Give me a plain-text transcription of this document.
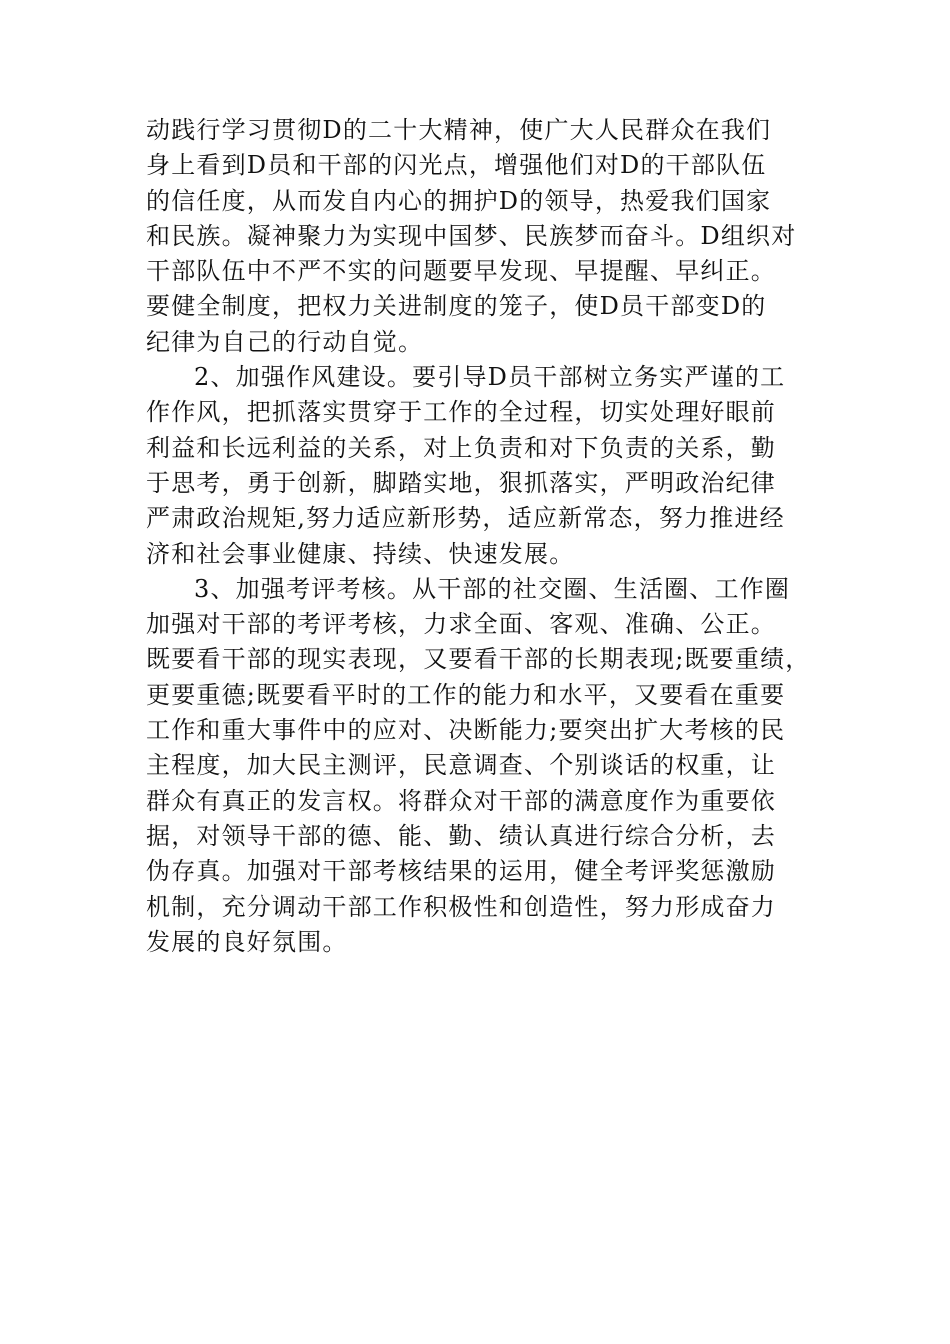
动践行学习贯彻D的二十大精神，使广大人民群众在我们
身上看到D员和干部的闪光点，增强他们对D的干部队伍
的信任度，从而发自内心的拥护D的领导，热爱我们国家
和民族。凝神聚力为实现中国梦、民族梦而奋斗。D组织对
干部队伍中不严不实的问题要早发现、早提醒、早纠正。
要健全制度，把权力关进制度的笼子，使D员干部变D的
纪律为自己的行动自觉。
2、加强作风建设。要引导D员干部树立务实严谨的工
作作风，把抓落实贯穿于工作的全过程，切实处理好眼前
利益和长远利益的关系，对上负责和对下负责的关系，勤
于思考，勇于创新，脚踏实地，狠抓落实，严明政治纪律
严肃政治规矩,努力适应新形势，适应新常态，努力推进经
济和社会事业健康、持续、快速发展。
3、加强考评考核。从干部的社交圈、生活圈、工作圈
加强对干部的考评考核，力求全面、客观、准确、公正。
既要看干部的现实表现，又要看干部的长期表现;既要重绩，
更要重德;既要看平时的工作的能力和水平，又要看在重要
工作和重大事件中的应对、决断能力;要突出扩大考核的民
主程度，加大民主测评，民意调查、个别谈话的权重，让
群众有真正的发言权。将群众对干部的满意度作为重要依
据，对领导干部的德、能、勤、绩认真进行综合分析，去
伪存真。加强对干部考核结果的运用，健全考评奖惩激励
机制，充分调动干部工作积极性和创造性，努力形成奋力
发展的良好氛围。
